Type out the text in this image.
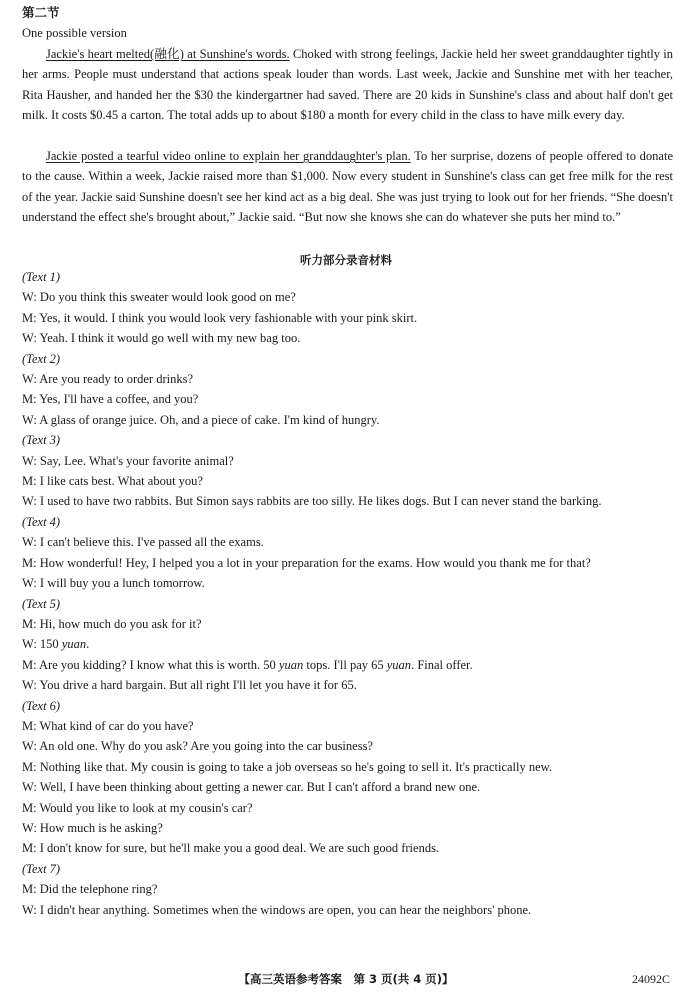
第二节
One possible version

Jackie's heart melted(融化) at Sunshine's words. Choked with strong feelings, Jackie held her sweet granddaughter tightly in her arms. People must understand that actions speak louder than words. Last week, Jackie and Sunshine met with her teacher, Rita Hausher, and handed her the $30 the kindergartner had saved. There are 20 kids in Sunshine's class and about half don't get milk. It costs $0.45 a carton. The total adds up to about $180 a month for every child in the class to have milk every day.

Jackie posted a tearful video online to explain her granddaughter's plan. To her surprise, dozens of people offered to donate to the cause. Within a week, Jackie raised more than $1,000. Now every student in Sunshine's class can get free milk for the rest of the year. Jackie said Sunshine doesn't see her kind act as a big deal. She was just trying to look out for her friends. “She doesn't understand the effect she's brought about,” Jackie said. “But now she knows she can do whatever she puts her mind to.”

听力部分录音材料

(Text 1)

W: Do you think this sweater would look good on me?

M: Yes, it would. I think you would look very fashionable with your pink skirt.

W: Yeah. I think it would go well with my new bag too.

(Text 2)

W: Are you ready to order drinks?

M: Yes, I'll have a coffee, and you?

W: A glass of orange juice. Oh, and a piece of cake. I'm kind of hungry.

(Text 3)

W: Say, Lee. What's your favorite animal?

M: I like cats best. What about you?

W: I used to have two rabbits. But Simon says rabbits are too silly. He likes dogs. But I can never stand the barking.

(Text 4)

W: I can't believe this. I've passed all the exams.

M: How wonderful! Hey, I helped you a lot in your preparation for the exams. How would you thank me for that?

W: I will buy you a lunch tomorrow.

(Text 5)

M: Hi, how much do you ask for it?

W: 150 yuan.

M: Are you kidding? I know what this is worth. 50 yuan tops. I'll pay 65 yuan. Final offer.

W: You drive a hard bargain. But all right I'll let you have it for 65.

(Text 6)

M: What kind of car do you have?

W: An old one. Why do you ask? Are you going into the car business?

M: Nothing like that. My cousin is going to take a job overseas so he's going to sell it. It's practically new.

W: Well, I have been thinking about getting a newer car. But I can't afford a brand new one.

M: Would you like to look at my cousin's car?

W: How much is he asking?

M: I don't know for sure, but he'll make you a good deal. We are such good friends.

(Text 7)

M: Did the telephone ring?

W: I didn't hear anything. Sometimes when the windows are open, you can hear the neighbors' phone.

【高三英语参考答案　第 3 页(共 4 页)】	24092C
